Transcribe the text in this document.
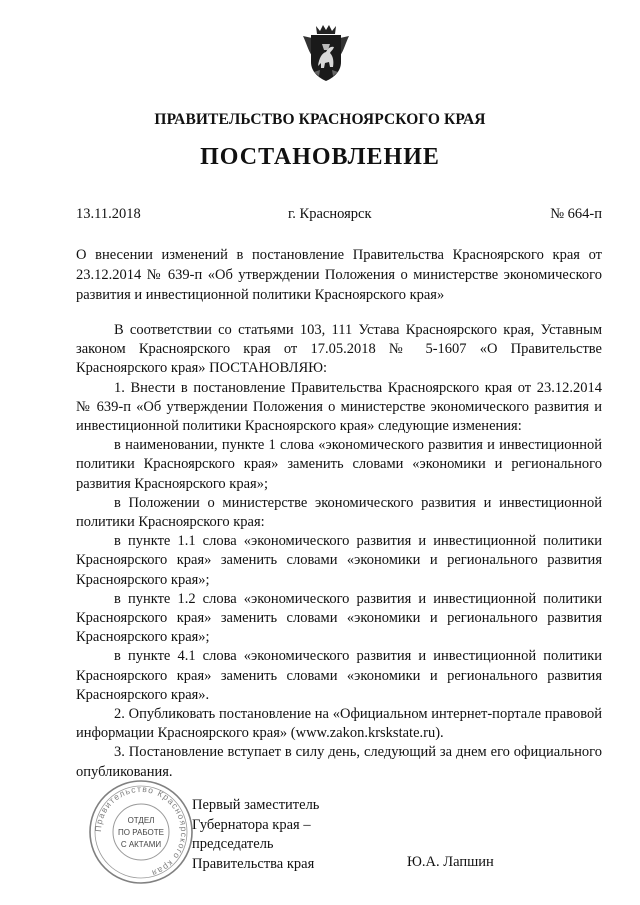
ПРАВИТЕЛЬСТВО КРАСНОЯРСКОГО КРАЯ
ПОСТАНОВЛЕНИЕ
13.11.2018	г. Красноярск	№ 664-п
О внесении изменений в постановление Правительства Красноярского края от 23.12.2014 № 639-п «Об утверждении Положения о министерстве экономического развития и инвестиционной политики Красноярского края»

В соответствии со статьями 103, 111 Устава Красноярского края, Уставным законом Красноярского края от 17.05.2018 № 5-1607 «О Правительстве Красноярского края» ПОСТАНОВЛЯЮ:

1. Внести в постановление Правительства Красноярского края от 23.12.2014 № 639-п «Об утверждении Положения о министерстве экономического развития и инвестиционной политики Красноярского края» следующие изменения:

в наименовании, пункте 1 слова «экономического развития и инвестиционной политики Красноярского края» заменить словами «экономики и регионального развития Красноярского края»;

в Положении о министерстве экономического развития и инвестиционной политики Красноярского края:

в пункте 1.1 слова «экономического развития и инвестиционной политики Красноярского края» заменить словами «экономики и регионального развития Красноярского края»;

в пункте 1.2 слова «экономического развития и инвестиционной политики Красноярского края» заменить словами «экономики и регионального развития Красноярского края»;

в пункте 4.1 слова «экономического развития и инвестиционной политики Красноярского края» заменить словами «экономики и регионального развития Красноярского края».

2. Опубликовать постановление на «Официальном интернет-портале правовой информации Красноярского края» (www.zakon.krskstate.ru).

3. Постановление вступает в силу день, следующий за днем его официального опубликования.

Правительство Красноярского края
ОТДЕЛ
ПО РАБОТЕ
С АКТАМИ
Первый заместитель
Губернатора края –
председатель
Правительства края	Ю.А. Лапшин
